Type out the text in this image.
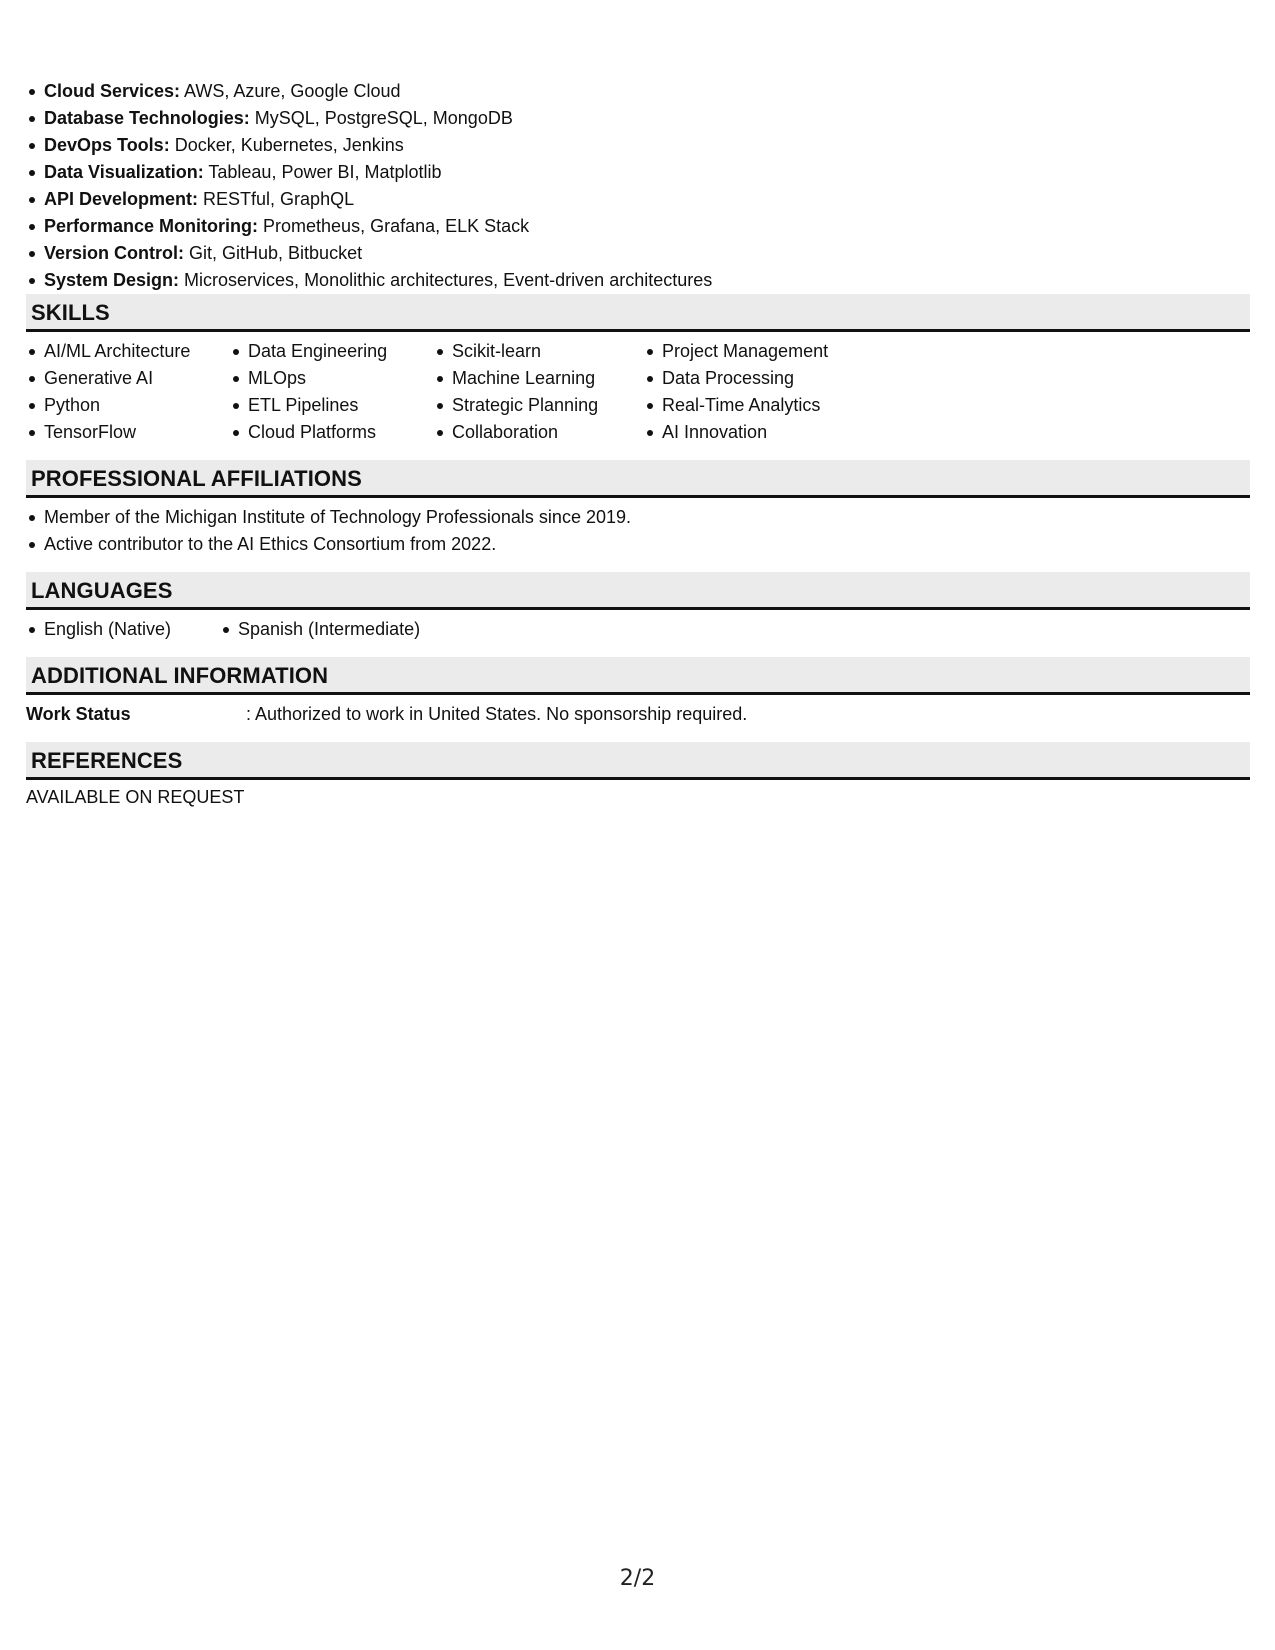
Cloud Services: AWS, Azure, Google Cloud
Database Technologies: MySQL, PostgreSQL, MongoDB
DevOps Tools: Docker, Kubernetes, Jenkins
Data Visualization: Tableau, Power BI, Matplotlib
API Development: RESTful, GraphQL
Performance Monitoring: Prometheus, Grafana, ELK Stack
Version Control: Git, GitHub, Bitbucket
System Design: Microservices, Monolithic architectures, Event-driven architectures
SKILLS
AI/ML Architecture
Generative AI
Python
TensorFlow
Data Engineering
MLOps
ETL Pipelines
Cloud Platforms
Scikit-learn
Machine Learning
Strategic Planning
Collaboration
Project Management
Data Processing
Real-Time Analytics
AI Innovation
PROFESSIONAL AFFILIATIONS
Member of the Michigan Institute of Technology Professionals since 2019.
Active contributor to the AI Ethics Consortium from 2022.
LANGUAGES
English (Native)	Spanish (Intermediate)
ADDITIONAL INFORMATION
Work Status	: Authorized to work in United States. No sponsorship required.
REFERENCES
AVAILABLE ON REQUEST
2/2
